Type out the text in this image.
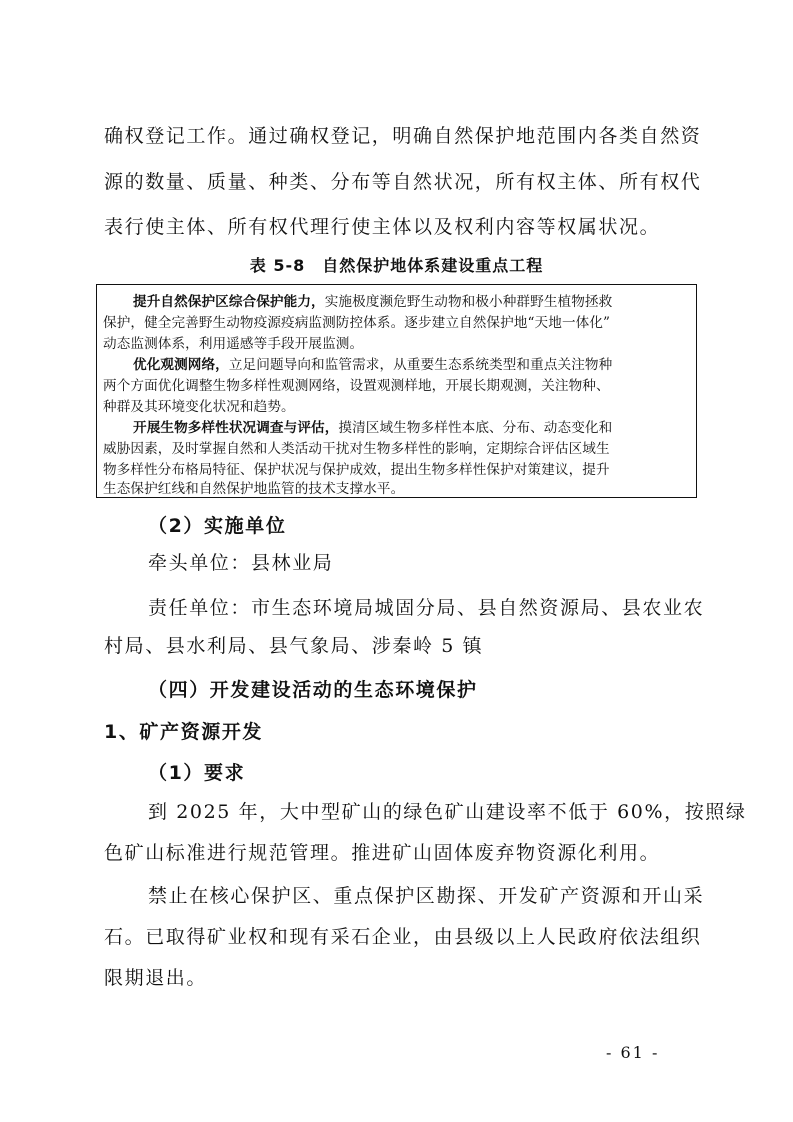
确权登记工作。通过确权登记，明确自然保护地范围内各类自然资
源的数量、质量、种类、分布等自然状况，所有权主体、所有权代
表行使主体、所有权代理行使主体以及权利内容等权属状况。
表 5-8　自然保护地体系建设重点工程
提升自然保护区综合保护能力，实施极度濒危野生动物和极小种群野生植物拯救
保护，健全完善野生动物疫源疫病监测防控体系。逐步建立自然保护地“天地一体化”
动态监测体系，利用遥感等手段开展监测。
优化观测网络，立足问题导向和监管需求，从重要生态系统类型和重点关注物种
两个方面优化调整生物多样性观测网络，设置观测样地，开展长期观测，关注物种、
种群及其环境变化状况和趋势。
开展生物多样性状况调查与评估，摸清区域生物多样性本底、分布、动态变化和
威胁因素，及时掌握自然和人类活动干扰对生物多样性的影响，定期综合评估区域生
物多样性分布格局特征、保护状况与保护成效，提出生物多样性保护对策建议，提升
生态保护红线和自然保护地监管的技术支撑水平。
（2）实施单位
牵头单位：县林业局
责任单位：市生态环境局城固分局、县自然资源局、县农业农
村局、县水利局、县气象局、涉秦岭 5 镇
（四）开发建设活动的生态环境保护
1、矿产资源开发
（1）要求
到 2025 年，大中型矿山的绿色矿山建设率不低于 60%，按照绿
色矿山标准进行规范管理。推进矿山固体废弃物资源化利用。
禁止在核心保护区、重点保护区勘探、开发矿产资源和开山采
石。已取得矿业权和现有采石企业，由县级以上人民政府依法组织
限期退出。
- 61 -
